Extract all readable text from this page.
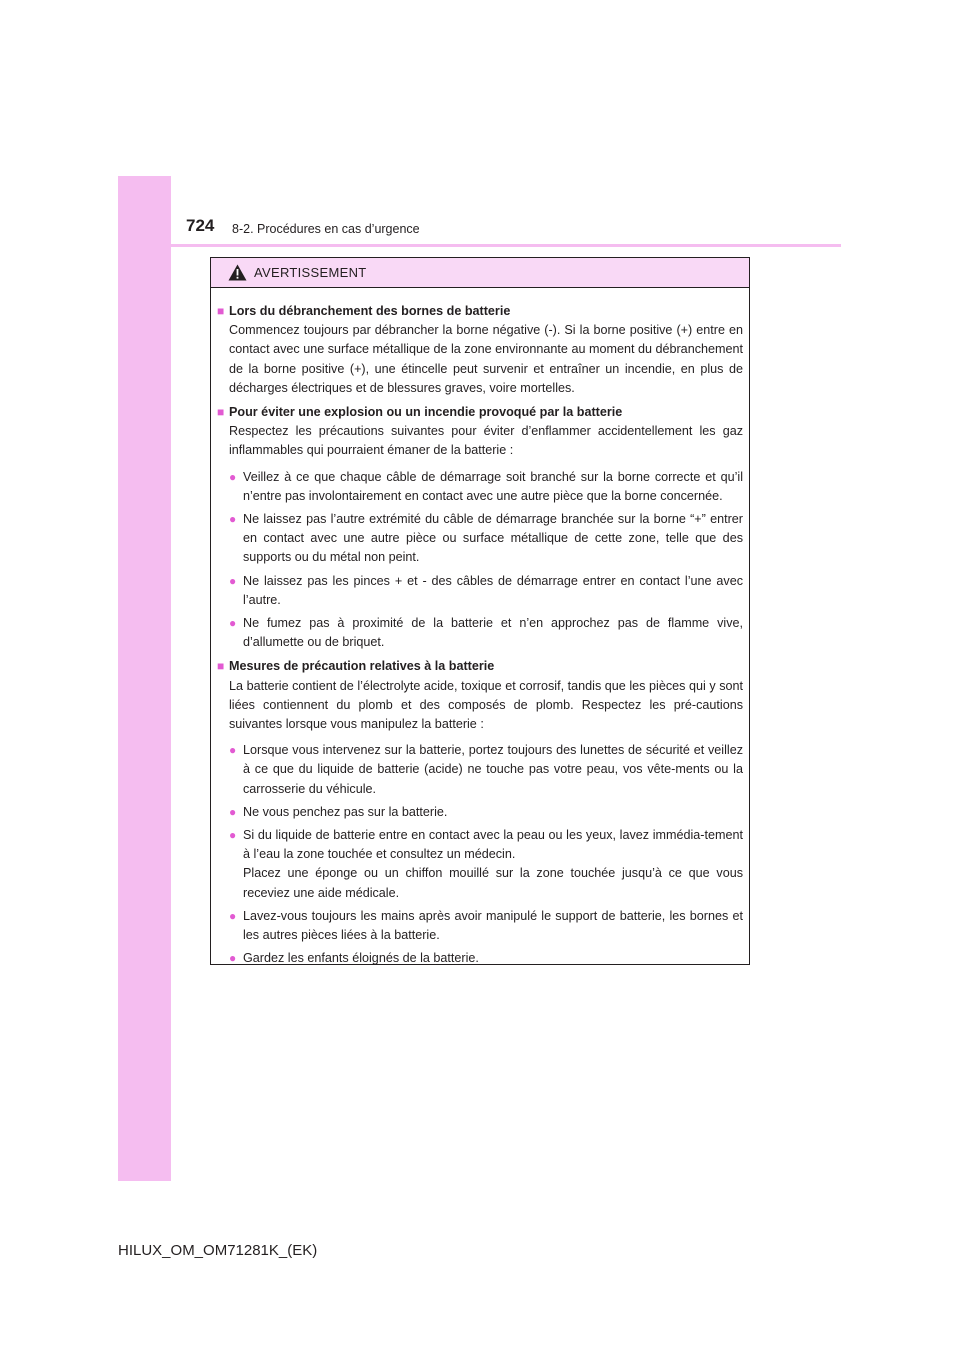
724 8-2. Procédures en cas d’urgence
AVERTISSEMENT
■ Lors du débranchement des bornes de batterie
Commencez toujours par débrancher la borne négative (-). Si la borne positive (+) entre en contact avec une surface métallique de la zone environnante au moment du débranchement de la borne positive (+), une étincelle peut survenir et entraîner un incendie, en plus de décharges électriques et de blessures graves, voire mortelles.
■ Pour éviter une explosion ou un incendie provoqué par la batterie
Respectez les précautions suivantes pour éviter d’enflammer accidentellement les gaz inflammables qui pourraient émaner de la batterie :
● Veillez à ce que chaque câble de démarrage soit branché sur la borne correcte et qu’il n’entre pas involontairement en contact avec une autre pièce que la borne concernée.
● Ne laissez pas l’autre extrémité du câble de démarrage branchée sur la borne “+” entrer en contact avec une autre pièce ou surface métallique de cette zone, telle que des supports ou du métal non peint.
● Ne laissez pas les pinces + et - des câbles de démarrage entrer en contact l’une avec l’autre.
● Ne fumez pas à proximité de la batterie et n’en approchez pas de flamme vive, d’allumette ou de briquet.
■ Mesures de précaution relatives à la batterie
La batterie contient de l’électrolyte acide, toxique et corrosif, tandis que les pièces qui y sont liées contiennent du plomb et des composés de plomb. Respectez les pré-cautions suivantes lorsque vous manipulez la batterie :
● Lorsque vous intervenez sur la batterie, portez toujours des lunettes de sécurité et veillez à ce que du liquide de batterie (acide) ne touche pas votre peau, vos vête-ments ou la carrosserie du véhicule.
● Ne vous penchez pas sur la batterie.
● Si du liquide de batterie entre en contact avec la peau ou les yeux, lavez immédia-tement à l’eau la zone touchée et consultez un médecin.
Placez une éponge ou un chiffon mouillé sur la zone touchée jusqu’à ce que vous receviez une aide médicale.
● Lavez-vous toujours les mains après avoir manipulé le support de batterie, les bornes et les autres pièces liées à la batterie.
● Gardez les enfants éloignés de la batterie.
HILUX_OM_OM71281K_(EK)
